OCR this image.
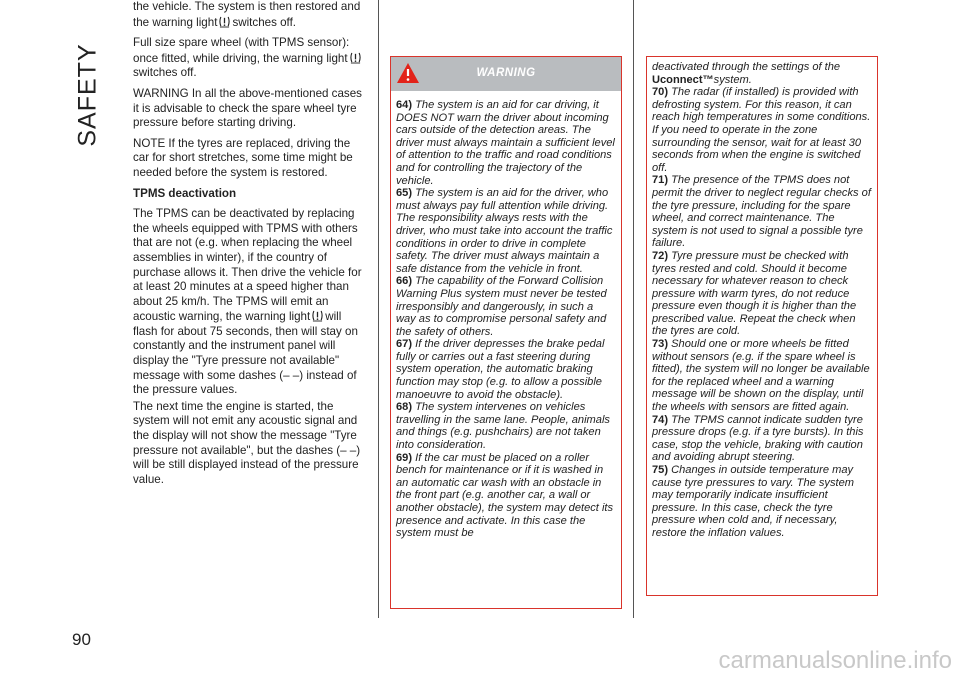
SAFETY
90

the vehicle. The system is then restored and the warning light switches off.

Full size spare wheel (with TPMS sensor): once fitted, while driving, the warning lightswitches off.

WARNING In all the above-mentioned cases it is advisable to check the spare wheel tyre pressure before starting driving.

NOTE If the tyres are replaced, driving the car for short stretches, some time might be needed before the system is restored.

TPMS deactivation

The TPMS can be deactivated by replacing the wheels equipped with TPMS with others that are not (e.g. when replacing the wheel assemblies in winter), if the country of purchase allows it. Then drive the vehicle for at least 20 minutes at a speed higher than about 25 km/h. The TPMS will emit an acoustic warning, the warning light will flash for about 75 seconds, then will stay on constantly and the instrument panel will display the "Tyre pressure not available" message with some dashes (– –) instead of the pressure values.

The next time the engine is started, the system will not emit any acoustic signal and the display will not show the message "Tyre pressure not available", but the dashes (– –) will be still displayed instead of the pressure value.

WARNING

64) The system is an aid for car driving, it DOES NOT warn the driver about incoming cars outside of the detection areas. The driver must always maintain a sufficient level of attention to the traffic and road conditions and for controlling the trajectory of the vehicle.

65) The system is an aid for the driver, who must always pay full attention while driving. The responsibility always rests with the driver, who must take into account the traffic conditions in order to drive in complete safety. The driver must always maintain a safe distance from the vehicle in front.

66) The capability of the Forward Collision Warning Plus system must never be tested irresponsibly and dangerously, in such a way as to compromise personal safety and the safety of others.

67) If the driver depresses the brake pedal fully or carries out a fast steering during system operation, the automatic braking function may stop (e.g. to allow a possible manoeuvre to avoid the obstacle).

68) The system intervenes on vehicles travelling in the same lane. People, animals and things (e.g. pushchairs) are not taken into consideration.

69) If the car must be placed on a roller bench for maintenance or if it is washed in an automatic car wash with an obstacle in the front part (e.g. another car, a wall or another obstacle), the system may detect its presence and activate. In this case the system must be

deactivated through the settings of the Uconnect™system.

70) The radar (if installed) is provided with defrosting system. For this reason, it can reach high temperatures in some conditions. If you need to operate in the zone surrounding the sensor, wait for at least 30 seconds from when the engine is switched off.

71) The presence of the TPMS does not permit the driver to neglect regular checks of the tyre pressure, including for the spare wheel, and correct maintenance. The system is not used to signal a possible tyre failure.

72) Tyre pressure must be checked with tyres rested and cold. Should it become necessary for whatever reason to check pressure with warm tyres, do not reduce pressure even though it is higher than the prescribed value. Repeat the check when the tyres are cold.

73) Should one or more wheels be fitted without sensors (e.g. if the spare wheel is fitted), the system will no longer be available for the replaced wheel and a warning message will be shown on the display, until the wheels with sensors are fitted again.

74) The TPMS cannot indicate sudden tyre pressure drops (e.g. if a tyre bursts). In this case, stop the vehicle, braking with caution and avoiding abrupt steering.

75) Changes in outside temperature may cause tyre pressures to vary. The system may temporarily indicate insufficient pressure. In this case, check the tyre pressure when cold and, if necessary, restore the inflation values.

carmanualsonline.info
